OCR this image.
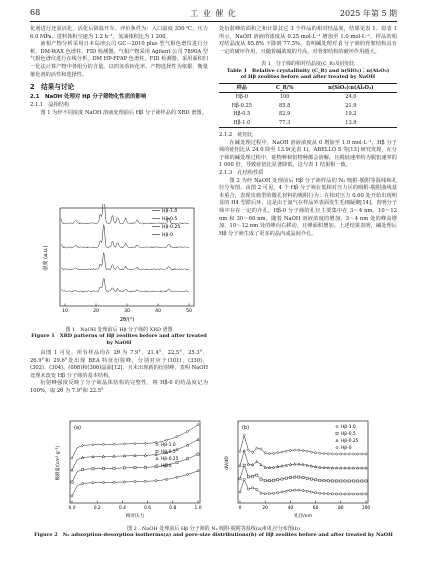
68	工 业 催 化	2025 年第 5 期

化剂进行还原活化，活化后降温开车。评价条件为：入口温度 350 ℃，压力 6.0 MPa，进料体积空速为 1.2 h⁻¹，氢油体积比为 1 200。

液相产物分析采用日本岛津公司 GC－2010 plus 型气相色谱仪进行分析，DM-WAX 色谱柱，FID 检测器。气相产物采用 Agilent 公司 7890A 型气相色谱仪进行在线分析，DM HP-FFAP 色谱柱，FID 检测器，采用面积归一化法计算产物中各组分的含量。以四氢萘转化率、产物选择性为依据，衡量催化剂的活性和选择性。

2　结果与讨论
2.1　NaOH 处理对 Hβ 分子筛物化性质的影响
2.1.1　晶相结构

图 1 为经不同浓度 NaOH 溶液处理前后 Hβ 分子筛样品的 XRD 谱图。

强度 (a.u.)
2θ/(°)
10	20	30	40	50
Hβ-1.0
Hβ-0.5
Hβ-0.25
Hβ-0
图 1　NaOH 处理前后 Hβ 分子筛的 XRD 谱图
Figure 1　XRD patterns of Hβ zeolites before and after treated by NaOH

由图 1 可见，所有样品均在 2θ 为 7.9°、21.4°、22.5°、25.3°、26.9°和 29.6°处出现 BEA 特征衍射峰，分别对应于(101)、(330)、(302)、(304)、(008)和(306)晶面[12]，且未出现新的衍射峰，表明 NaOH 处理未改变 Hβ 分子筛的基本结构。

衍射峰强度反映了分子筛晶体结构的完整性，将 Hβ-0 的结晶度记为 100%，取 2θ 为 7.9°和 22.5°

处衍射峰的面积之和计算其它 3 个样品的相对结晶度，结果见表 1。如表 1 所示，NaOH 溶液的浓度从 0.25 mol·L⁻¹ 增加至 1.0 mol·L⁻¹，样品的相对结晶度从 85.8% 下降到 77.3%，表明碱处理对 β 分子筛的骨架结构具有一定的破坏作用，且随着碱浓度的升高，对骨架结构的破坏作用越大。

表 1　分子筛的相对结晶度(C_R)及硅铝比
Table 1　Relative crystallinity (C_R) and n(SiO₂)∶n(Al₂O₃)
of Hβ zeolites before and after treated by NaOH
样品	C_R/%	n(SiO₂)∶n(Al₂O₃)
Hβ-0	100	24.0
Hβ-0.25	85.8	21.9
Hβ-0.5	82.9	19.2
Hβ-1.0	77.3	13.9
2.1.2　硅铝比

在碱处理过程中，NaOH 溶液浓度从 0 增加至 1.0 mol·L⁻¹，Hβ 分子筛的硅铝比从 24.0 降至 13.9(见表 1)。ABELLÓ S 等[13] 研究发现，在分子筛的碱处理过程中，硅物种和铝物种都会溶解，且脱硅速率约为脱铝速率的 1 000 倍，导致硅铝比显著降低，这与表 1 结果相一致。

2.1.3　孔结构性质

图 2 为经 NaOH 处理前后 Hβ 分子筛样品的 N₂ 吸附-脱附等温线和孔径分布图。由图 2 可见，4 个 Hβ 分子筛在低相对压力区的吸附-脱附曲线基本重合，表现出典型的微孔材料的吸附行为；在相对压力 0.60 处开始出现明显的 H4 型滞后环，这是由于氮气在样品外表面发生毛细凝聚[14]，表明分子筛中存在一定的介孔。Hβ-0 分子筛的孔径主要集中在 3～4 nm、10～12 nm 和 30～60 nm，随着 NaOH 溶液浓度的增加，3～4 nm 处的峰高增加，10～12 nm 处的峰向右移动，且峰面积增加。上述结果表明，碱处理后 Hβ 分子筛生成了更多的晶内或晶间介孔。

(a)
吸附量/(cm³·g⁻¹)
相对压力
0.0	0.2	0.4	0.6	0.8	1.0
Hβ-1.0
Hβ-0.5
Hβ-0.25
Hβ-0
(b)
dV/dD
孔径/nm
0	20	40	60	80	100
Hβ-1.0
Hβ-0.5
Hβ-0.25
Hβ-0
图 2　NaOH 处理前后 Hβ 分子筛的 N₂ 吸附-脱附等温线(a)和孔径分布图(b)
Figure 2　N₂ adsorption-desorption isotherms(a) and pore-size distributions(b) of Hβ zeolites before and after treated by NaOH
